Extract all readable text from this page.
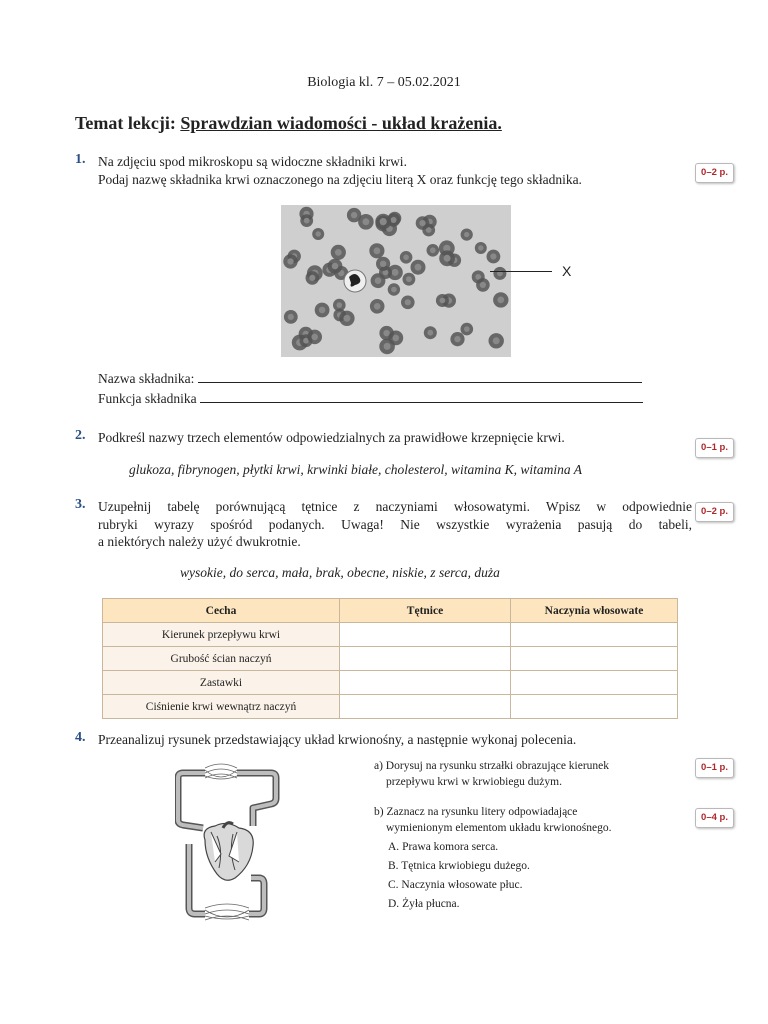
Biologia kl. 7 – 05.02.2021
Temat lekcji: Sprawdzian wiadomości - układ krażenia.
1. Na zdjęciu spod mikroskopu są widoczne składniki krwi.
Podaj nazwę składnika krwi oznaczonego na zdjęciu literą X oraz funkcję tego składnika.	0–2 p.
X
Nazwa składnika:
Funkcja składnika
2. Podkreśl nazwy trzech elementów odpowiedzialnych za prawidłowe krzepnięcie krwi.
0–1 p.
glukoza, fibrynogen, płytki krwi, krwinki białe, cholesterol, witamina K, witamina A
3. Uzupełnij tabelę porównującą tętnice z naczyniami włosowatymi. Wpisz w odpowiednie
rubryki wyrazy spośród podanych. Uwaga! Nie wszystkie wyrażenia pasują do tabeli,
a niektórych należy użyć dwukrotnie.
0–2 p.
wysokie, do serca, mała, brak, obecne, niskie, z serca, duża
Cecha	Tętnice	Naczynia włosowate
Kierunek przepływu krwi		
Grubość ścian naczyń		
Zastawki		
Ciśnienie krwi wewnątrz naczyń		
4. Przeanalizuj rysunek przedstawiający układ krwionośny, a następnie wykonaj polecenia.
a) Dorysuj na rysunku strzałki obrazujące kierunek
przepływu krwi w krwiobiegu dużym.
0–1 p.
b) Zaznacz na rysunku litery odpowiadające
wymienionym elementom układu krwionośnego.
0–4 p.
A. Prawa komora serca.
B. Tętnica krwiobiegu dużego.
C. Naczynia włosowate płuc.
D. Żyła płucna.
